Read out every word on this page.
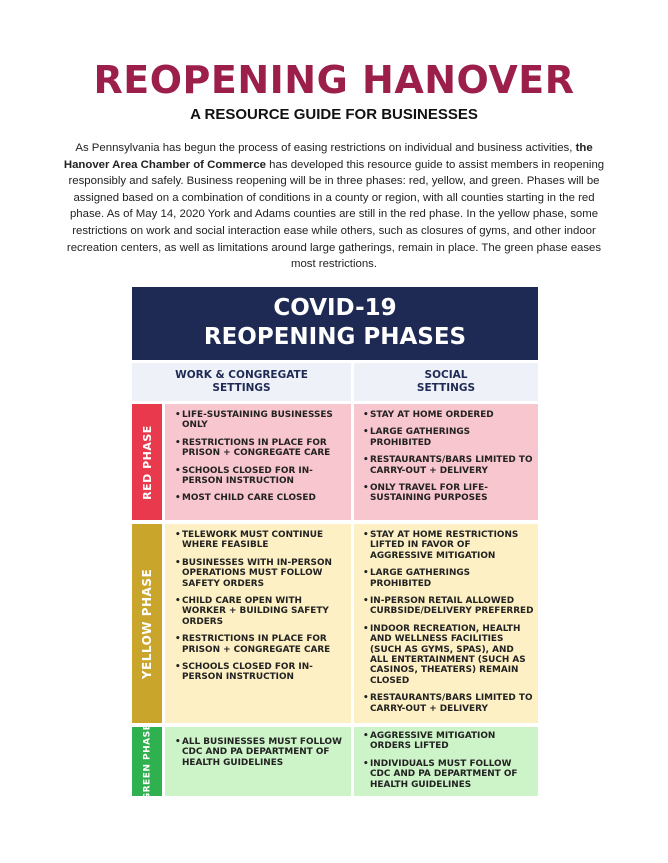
REOPENING HANOVER
A RESOURCE GUIDE FOR BUSINESSES
As Pennsylvania has begun the process of easing restrictions on individual and business activities, the Hanover Area Chamber of Commerce has developed this resource guide to assist members in reopening responsibly and safely. Business reopening will be in three phases: red, yellow, and green. Phases will be assigned based on a combination of conditions in a county or region, with all counties starting in the red phase. As of May 14, 2020 York and Adams counties are still in the red phase. In the yellow phase, some restrictions on work and social interaction ease while others, such as closures of gyms, and other indoor recreation centers, as well as limitations around large gatherings, remain in place. The green phase eases most restrictions.
COVID-19
REOPENING PHASES
WORK & CONGREGATE
SETTINGS
SOCIAL
SETTINGS
RED PHASE
• LIFE-SUSTAINING BUSINESSES ONLY
• RESTRICTIONS IN PLACE FOR PRISON + CONGREGATE CARE
• SCHOOLS CLOSED FOR IN-PERSON INSTRUCTION
• MOST CHILD CARE CLOSED
• STAY AT HOME ORDERED
• LARGE GATHERINGS PROHIBITED
• RESTAURANTS/BARS LIMITED TO CARRY-OUT + DELIVERY
• ONLY TRAVEL FOR LIFE-SUSTAINING PURPOSES
YELLOW PHASE
• TELEWORK MUST CONTINUE WHERE FEASIBLE
• BUSINESSES WITH IN-PERSON OPERATIONS MUST FOLLOW SAFETY ORDERS
• CHILD CARE OPEN WITH WORKER + BUILDING SAFETY ORDERS
• RESTRICTIONS IN PLACE FOR PRISON + CONGREGATE CARE
• SCHOOLS CLOSED FOR IN-PERSON INSTRUCTION
• STAY AT HOME RESTRICTIONS LIFTED IN FAVOR OF AGGRESSIVE MITIGATION
• LARGE GATHERINGS PROHIBITED
• IN-PERSON RETAIL ALLOWED CURBSIDE/DELIVERY PREFERRED
• INDOOR RECREATION, HEALTH AND WELLNESS FACILITIES (SUCH AS GYMS, SPAS), AND ALL ENTERTAINMENT (SUCH AS CASINOS, THEATERS) REMAIN CLOSED
• RESTAURANTS/BARS LIMITED TO CARRY-OUT + DELIVERY
GREEN PHASE
•	ALL BUSINESSES MUST FOLLOW CDC AND PA DEPARTMENT OF HEALTH GUIDELINES
• AGGRESSIVE MITIGATION ORDERS LIFTED
• INDIVIDUALS MUST FOLLOW CDC AND PA DEPARTMENT OF HEALTH GUIDELINES
